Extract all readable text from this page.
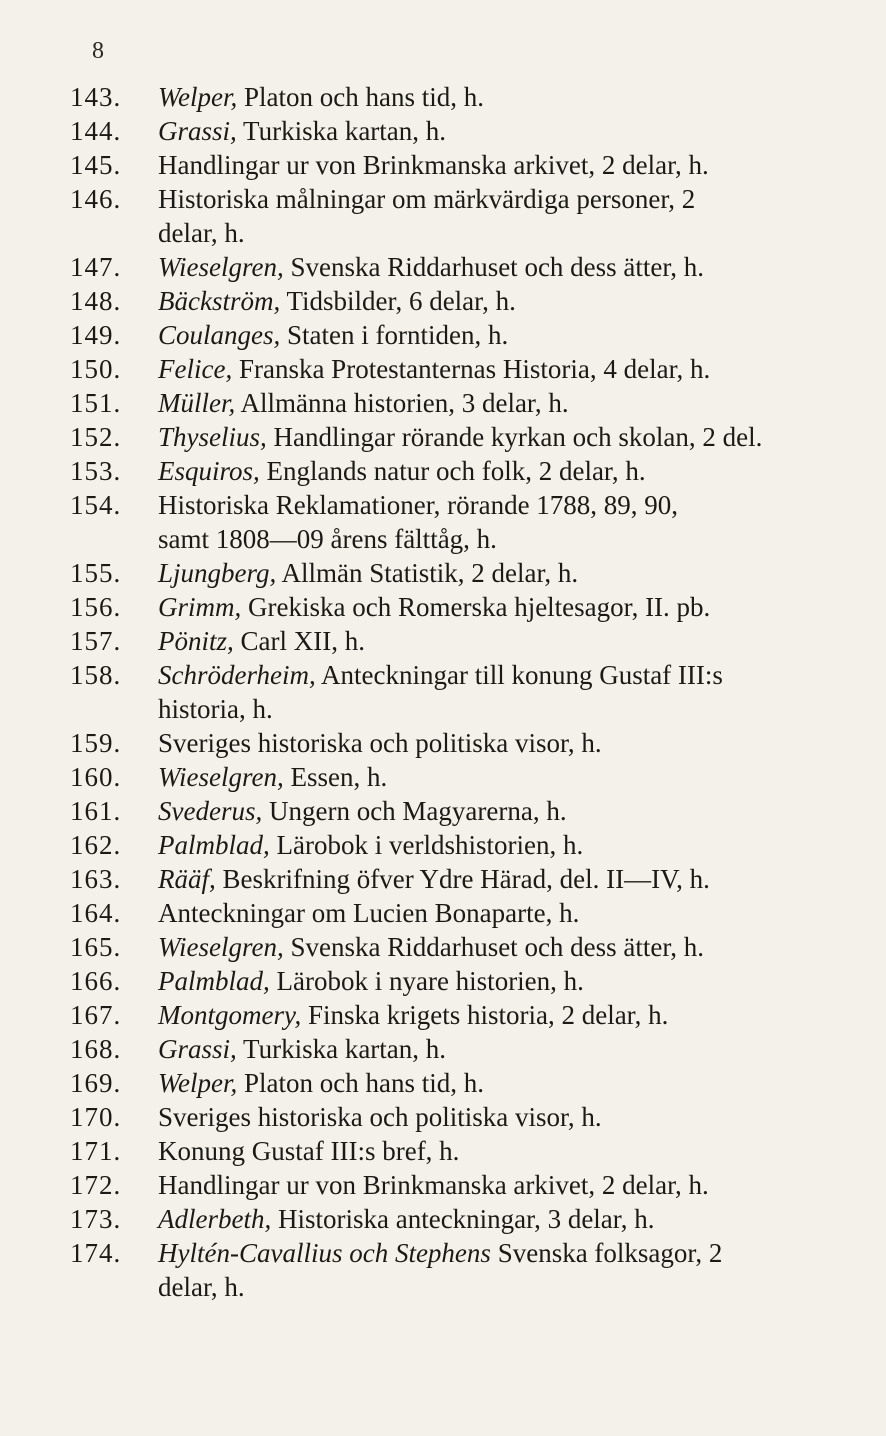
8
143.	Welper, Platon och hans tid, h.
144.	Grassi, Turkiska kartan, h.
145.	Handlingar ur von Brinkmanska arkivet, 2 delar, h.
146.	Historiska målningar om märkvärdiga personer, 2
delar, h.
147.	Wieselgren, Svenska Riddarhuset och dess ätter, h.
148.	Bäckström, Tidsbilder, 6 delar, h.
149.	Coulanges, Staten i forntiden, h.
150.	Felice, Franska Protestanternas Historia, 4 delar, h.
151.	Müller, Allmänna historien, 3 delar, h.
152.	Thyselius, Handlingar rörande kyrkan och skolan, 2 del.
153.	Esquiros, Englands natur och folk, 2 delar, h.
154.	Historiska Reklamationer, rörande 1788, 89, 90,
samt 1808—09 årens fälttåg, h.
155.	Ljungberg, Allmän Statistik, 2 delar, h.
156.	Grimm, Grekiska och Romerska hjeltesagor, II. pb.
157.	Pönitz, Carl XII, h.
158.	Schröderheim, Anteckningar till konung Gustaf III:s
historia, h.
159.	Sveriges historiska och politiska visor, h.
160.	Wieselgren, Essen, h.
161.	Svederus, Ungern och Magyarerna, h.
162.	Palmblad, Lärobok i verldshistorien, h.
163.	Rääf, Beskrifning öfver Ydre Härad, del. II—IV, h.
164.	Anteckningar om Lucien Bonaparte, h.
165.	Wieselgren, Svenska Riddarhuset och dess ätter, h.
166.	Palmblad, Lärobok i nyare historien, h.
167.	Montgomery, Finska krigets historia, 2 delar, h.
168.	Grassi, Turkiska kartan, h.
169.	Welper, Platon och hans tid, h.
170.	Sveriges historiska och politiska visor, h.
171.	Konung Gustaf III:s bref, h.
172.	Handlingar ur von Brinkmanska arkivet, 2 delar, h.
173.	Adlerbeth, Historiska anteckningar, 3 delar, h.
174.	Hyltén-Cavallius och Stephens Svenska folksagor, 2
delar, h.
